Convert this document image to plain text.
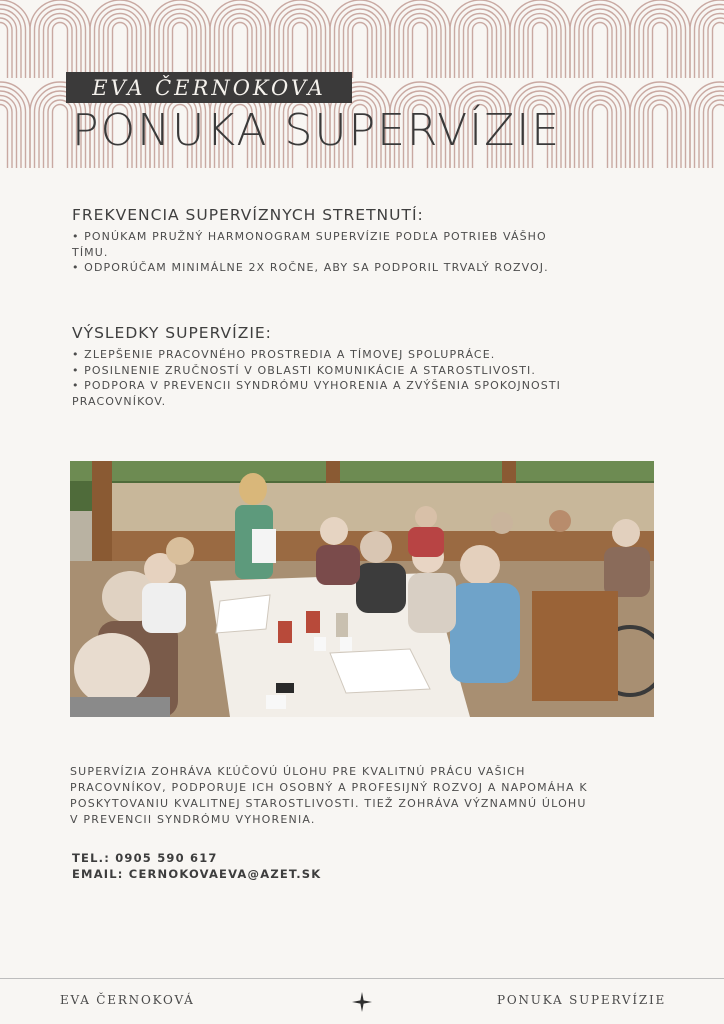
EVA ČERNOKOVA
PONUKA SUPERVÍZIE
FREKVENCIA SUPERVÍZNYCH STRETNUTÍ:
• PONÚKAM PRUŽNÝ HARMONOGRAM SUPERVÍZIE PODĽA POTRIEB VÁŠHO TÍMU.
• ODPORÚČAM MINIMÁLNE 2X ROČNE, ABY SA PODPORIL TRVALÝ ROZVOJ.
VÝSLEDKY SUPERVÍZIE:
• ZLEPŠENIE PRACOVNÉHO PROSTREDIA A TÍMOVEJ SPOLUPRÁCE.
• POSILNENIE ZRUČNOSTÍ V OBLASTI KOMUNIKÁCIE A STAROSTLIVOSTI.
• PODPORA V PREVENCII SYNDRÓMU VYHORENIA A ZVÝŠENIA SPOKOJNOSTI PRACOVNÍKOV.
SUPERVÍZIA ZOHRÁVA KĽÚČOVÚ ÚLOHU PRE KVALITNÚ PRÁCU VAŠICH PRACOVNÍKOV, PODPORUJE ICH OSOBNÝ A PROFESIJNÝ ROZVOJ A NAPOMÁHA K POSKYTOVANIU KVALITNEJ STAROSTLIVOSTI. TIEŽ ZOHRÁVA VÝZNAMNÚ ÚLOHU V PREVENCII SYNDRÓMU VYHORENIA.
TEL.: 0905 590 617
EMAIL: CERNOKOVAEVA@AZET.SK
EVA ČERNOKOVÁ	PONUKA SUPERVÍZIE
